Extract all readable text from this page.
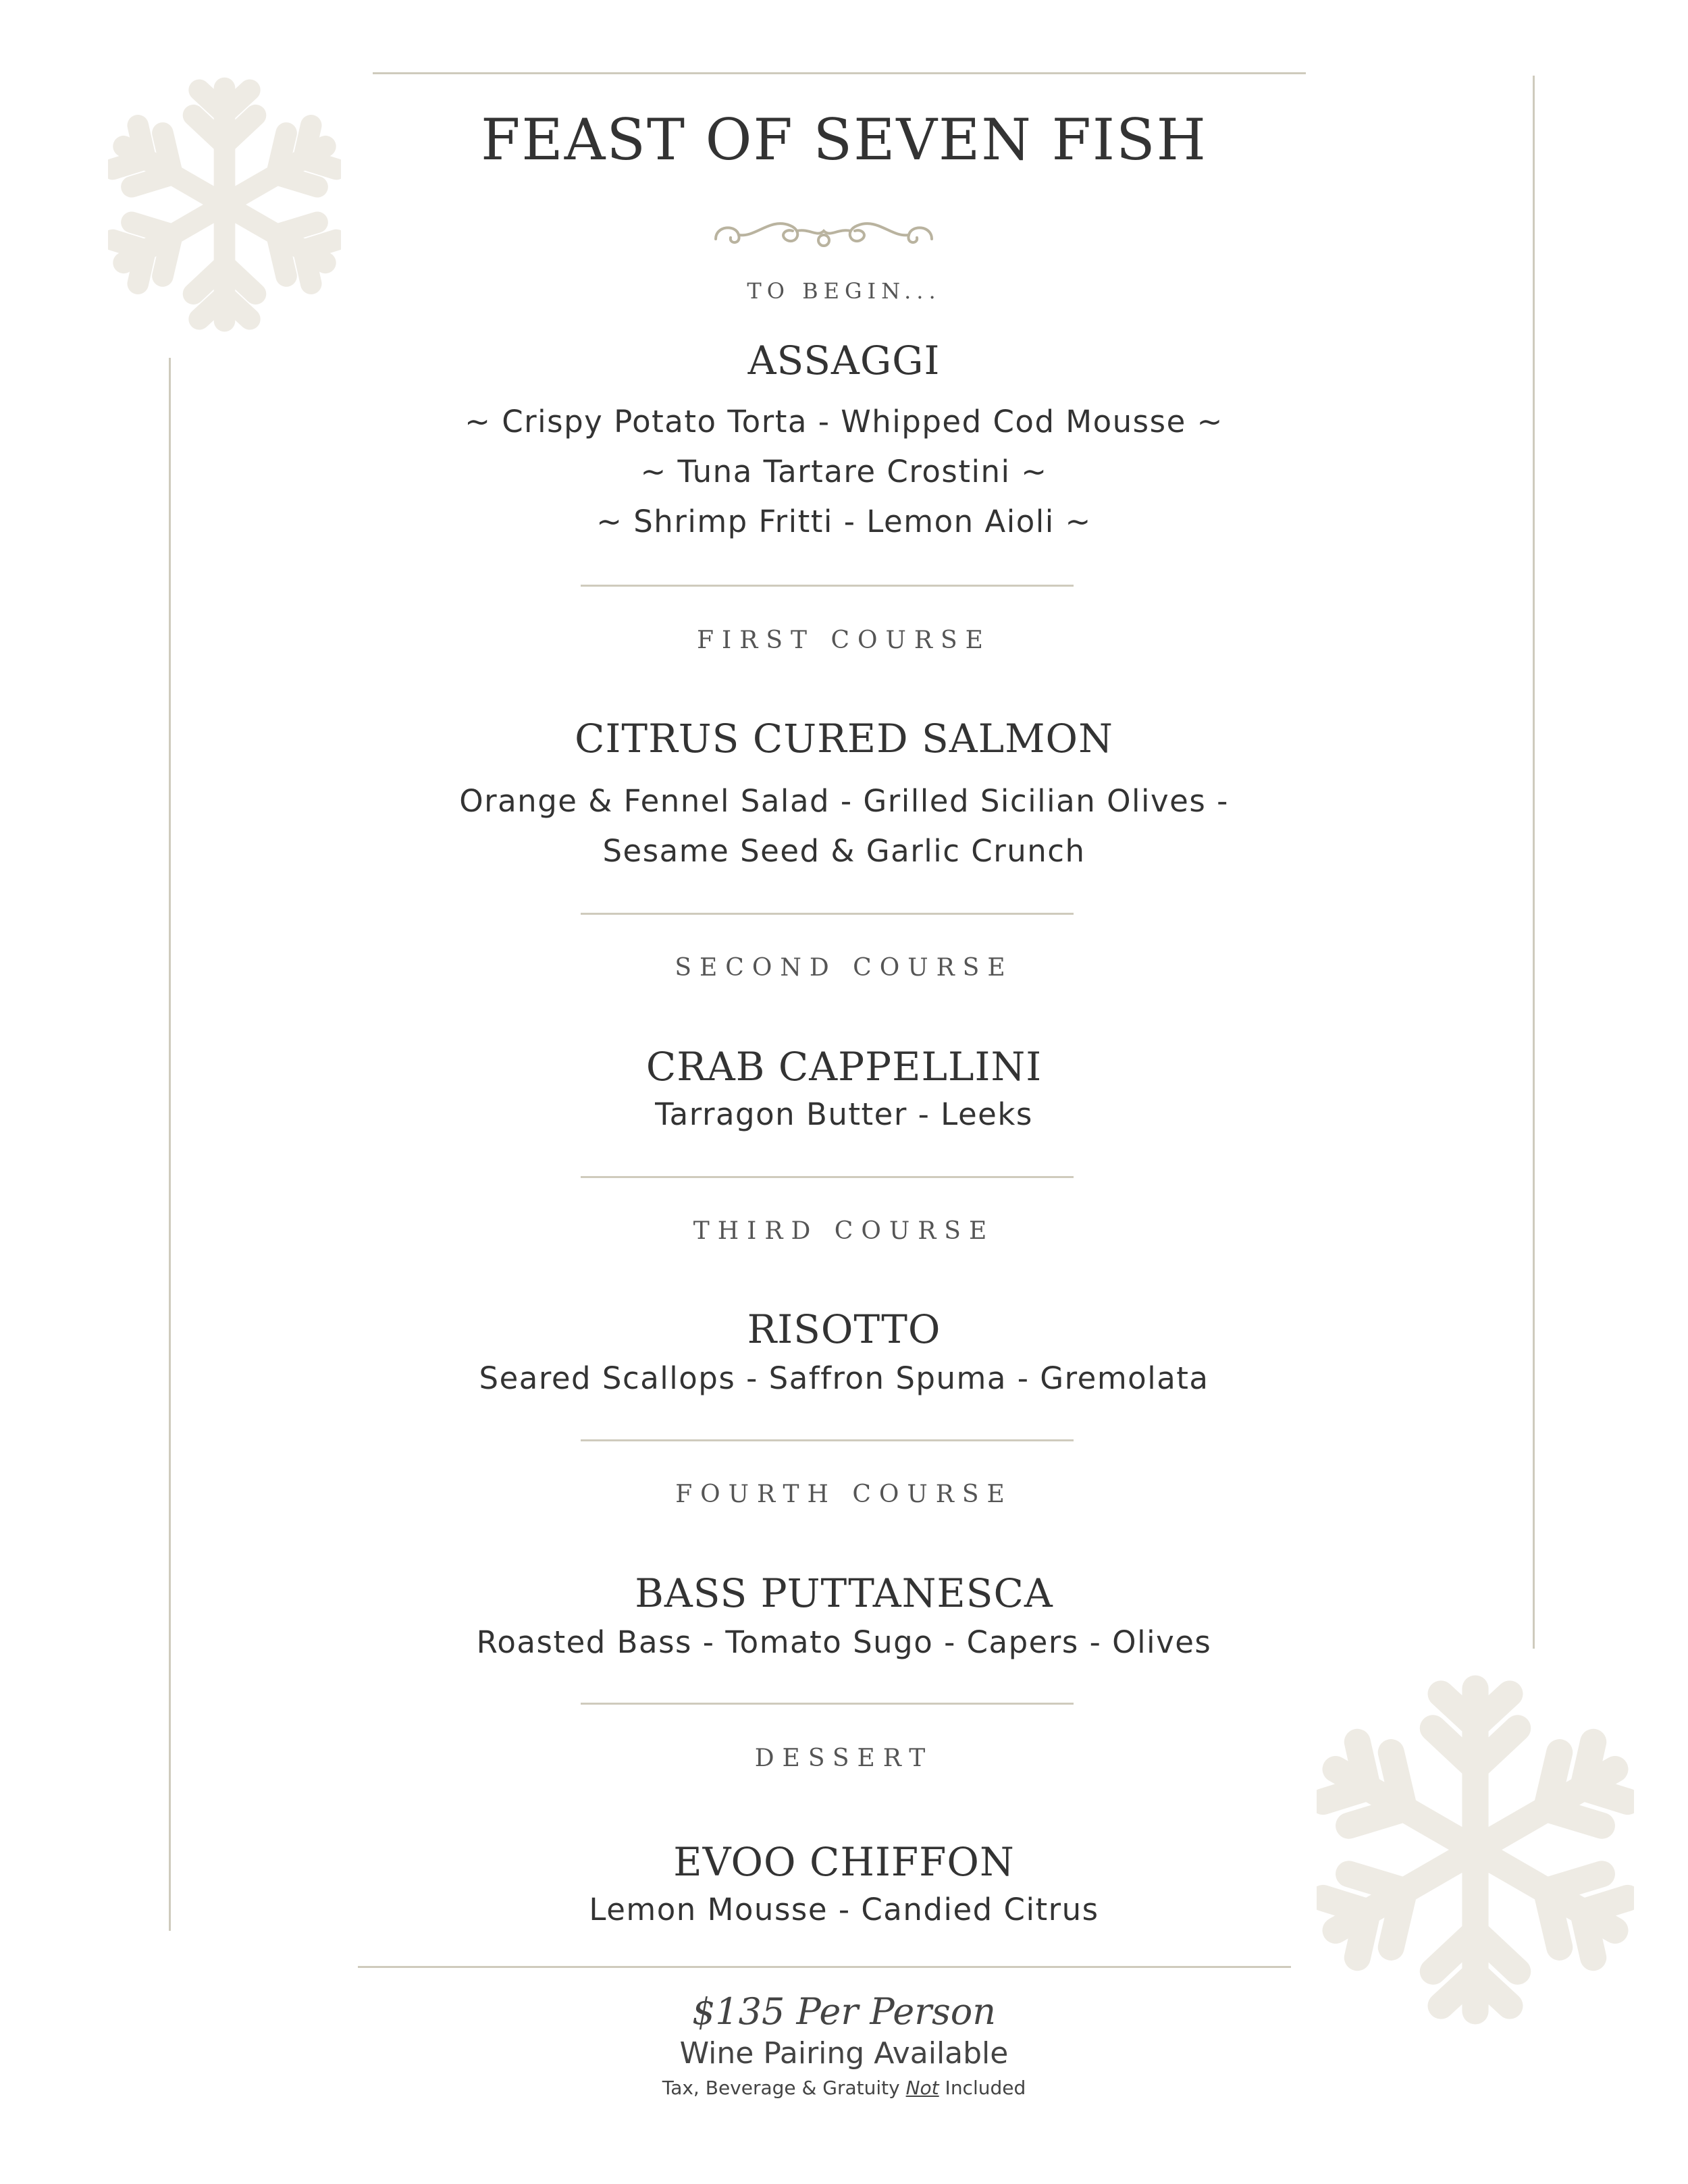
FEAST OF SEVEN FISH
TO BEGIN...
ASSAGGI
~ Crispy Potato Torta - Whipped Cod Mousse ~
~ Tuna Tartare Crostini ~
~ Shrimp Fritti - Lemon Aioli ~
FIRST COURSE
CITRUS CURED SALMON
Orange & Fennel Salad - Grilled Sicilian Olives -
Sesame Seed & Garlic Crunch
SECOND COURSE
CRAB CAPPELLINI
Tarragon Butter - Leeks
THIRD COURSE
RISOTTO
Seared Scallops - Saffron Spuma - Gremolata
FOURTH COURSE
BASS PUTTANESCA
Roasted Bass - Tomato Sugo - Capers - Olives
DESSERT
EVOO CHIFFON
Lemon Mousse - Candied Citrus
$135 Per Person
Wine Pairing Available
Tax, Beverage & Gratuity Not Included
